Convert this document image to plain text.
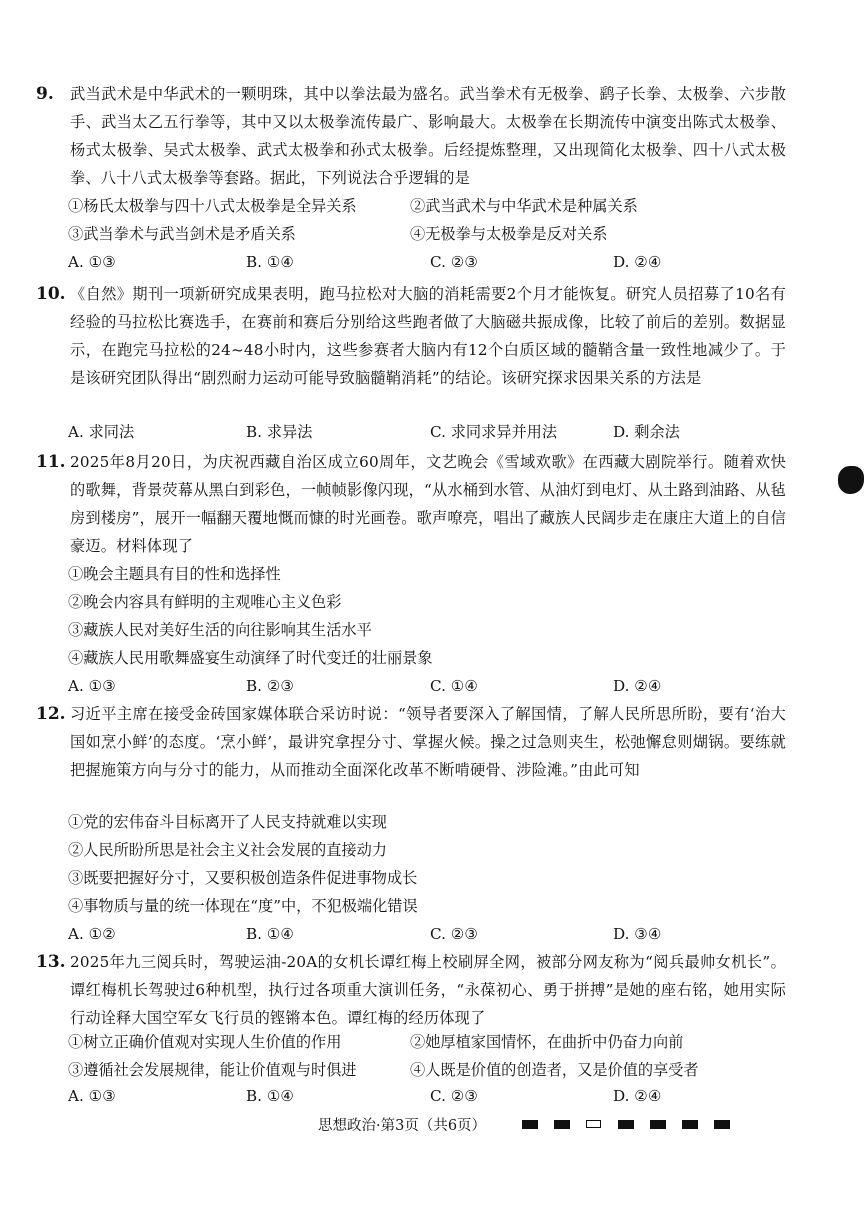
9. 武当武术是中华武术的一颗明珠，其中以拳法最为盛名。武当拳术有无极拳、鹞子长拳、太极拳、六步散手、武当太乙五行拳等，其中又以太极拳流传最广、影响最大。太极拳在长期流传中演变出陈式太极拳、杨式太极拳、吴式太极拳、武式太极拳和孙式太极拳。后经提炼整理，又出现简化太极拳、四十八式太极拳、八十八式太极拳等套路。据此，下列说法合乎逻辑的是
①杨氏太极拳与四十八式太极拳是全异关系	②武当武术与中华武术是种属关系
③武当拳术与武当剑术是矛盾关系	④无极拳与太极拳是反对关系
A. ①③	B. ①④	C. ②③	D. ②④
10. 《自然》期刊一项新研究成果表明，跑马拉松对大脑的消耗需要2个月才能恢复。研究人员招募了10名有经验的马拉松比赛选手，在赛前和赛后分别给这些跑者做了大脑磁共振成像，比较了前后的差别。数据显示，在跑完马拉松的24~48小时内，这些参赛者大脑内有12个白质区域的髓鞘含量一致性地减少了。于是该研究团队得出“剧烈耐力运动可能导致脑髓鞘消耗”的结论。该研究探求因果关系的方法是
A. 求同法	B. 求异法	C. 求同求异并用法	D. 剩余法
11. 2025年8月20日，为庆祝西藏自治区成立60周年，文艺晚会《雪域欢歌》在西藏大剧院举行。随着欢快的歌舞，背景荧幕从黑白到彩色，一帧帧影像闪现，“从水桶到水管、从油灯到电灯、从土路到油路、从毡房到楼房”，展开一幅翻天覆地慨而慷的时光画卷。歌声嘹亮，唱出了藏族人民阔步走在康庄大道上的自信豪迈。材料体现了
①晚会主题具有目的性和选择性
②晚会内容具有鲜明的主观唯心主义色彩
③藏族人民对美好生活的向往影响其生活水平
④藏族人民用歌舞盛宴生动演绎了时代变迁的壮丽景象
A. ①③	B. ②③	C. ①④	D. ②④
12. 习近平主席在接受金砖国家媒体联合采访时说：“领导者要深入了解国情，了解人民所思所盼，要有‘治大国如烹小鲜’的态度。‘烹小鲜’，最讲究拿捏分寸、掌握火候。操之过急则夹生，松弛懈怠则煳锅。要练就把握施策方向与分寸的能力，从而推动全面深化改革不断啃硬骨、涉险滩。”由此可知
①党的宏伟奋斗目标离开了人民支持就难以实现
②人民所盼所思是社会主义社会发展的直接动力
③既要把握好分寸，又要积极创造条件促进事物成长
④事物质与量的统一体现在“度”中，不犯极端化错误
A. ①②	B. ①④	C. ②③	D. ③④
13. 2025年九三阅兵时，驾驶运油-20A的女机长谭红梅上校刷屏全网，被部分网友称为“阅兵最帅女机长”。谭红梅机长驾驶过6种机型，执行过各项重大演训任务，“永葆初心、勇于拼搏”是她的座右铭，她用实际行动诠释大国空军女飞行员的铿锵本色。谭红梅的经历体现了
①树立正确价值观对实现人生价值的作用	②她厚植家国情怀，在曲折中仍奋力向前
③遵循社会发展规律，能让价值观与时俱进	④人既是价值的创造者，又是价值的享受者
A. ①③	B. ①④	C. ②③	D. ②④
思想政治·第3页（共6页）
